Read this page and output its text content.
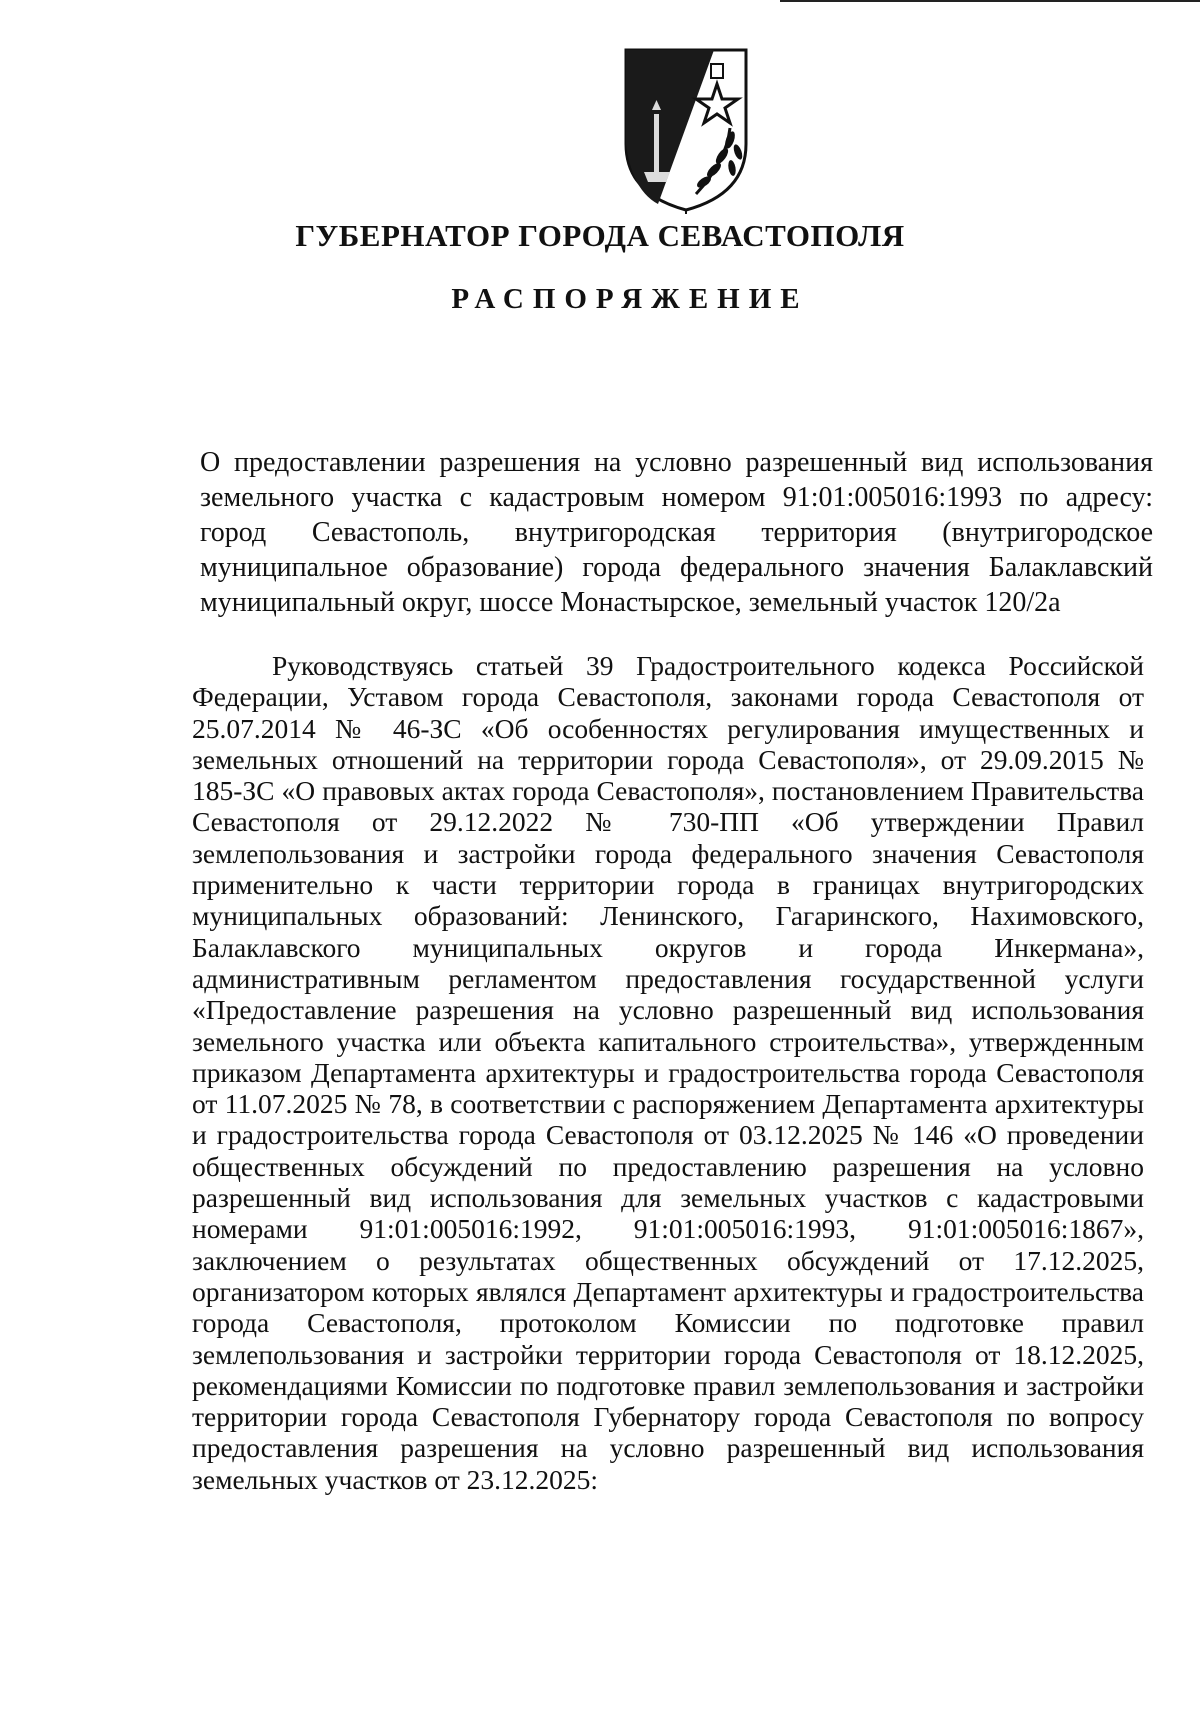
ГУБЕРНАТОР ГОРОДА СЕВАСТОПОЛЯ
РАСПОРЯЖЕНИЕ

О предоставлении разрешения на условно разрешенный вид использования земельного участка с кадастровым номером 91:01:005016:1993 по адресу: город Севастополь, внутригородская территория (внутригородское муниципальное образование) города федерального значения Балаклавский муниципальный округ, шоссе Монастырское, земельный участок 120/2а

Руководствуясь статьей 39 Градостроительного кодекса Российской Федерации, Уставом города Севастополя, законами города Севастополя от 25.07.2014 № 46-ЗС «Об особенностях регулирования имущественных и земельных отношений на территории города Севастополя», от 29.09.2015 № 185-ЗС «О правовых актах города Севастополя», постановлением Правительства Севастополя от 29.12.2022 № 730-ПП «Об утверждении Правил землепользования и застройки города федерального значения Севастополя применительно к части территории города в границах внутригородских муниципальных образований: Ленинского, Гагаринского, Нахимовского, Балаклавского муниципальных округов и города Инкермана», административным регламентом предоставления государственной услуги «Предоставление разрешения на условно разрешенный вид использования земельного участка или объекта капитального строительства», утвержденным приказом Департамента архитектуры и градостроительства города Севастополя от 11.07.2025 № 78, в соответствии с распоряжением Департамента архитектуры и градостроительства города Севастополя от 03.12.2025 № 146 «О проведении общественных обсуждений по предоставлению разрешения на условно разрешенный вид использования для земельных участков с кадастровыми номерами 91:01:005016:1992, 91:01:005016:1993, 91:01:005016:1867», заключением о результатах общественных обсуждений от 17.12.2025, организатором которых являлся Департамент архитектуры и градостроительства города Севастополя, протоколом Комиссии по подготовке правил землепользования и застройки территории города Севастополя от 18.12.2025, рекомендациями Комиссии по подготовке правил землепользования и застройки территории города Севастополя Губернатору города Севастополя по вопросу предоставления разрешения на условно разрешенный вид использования земельных участков от 23.12.2025:
